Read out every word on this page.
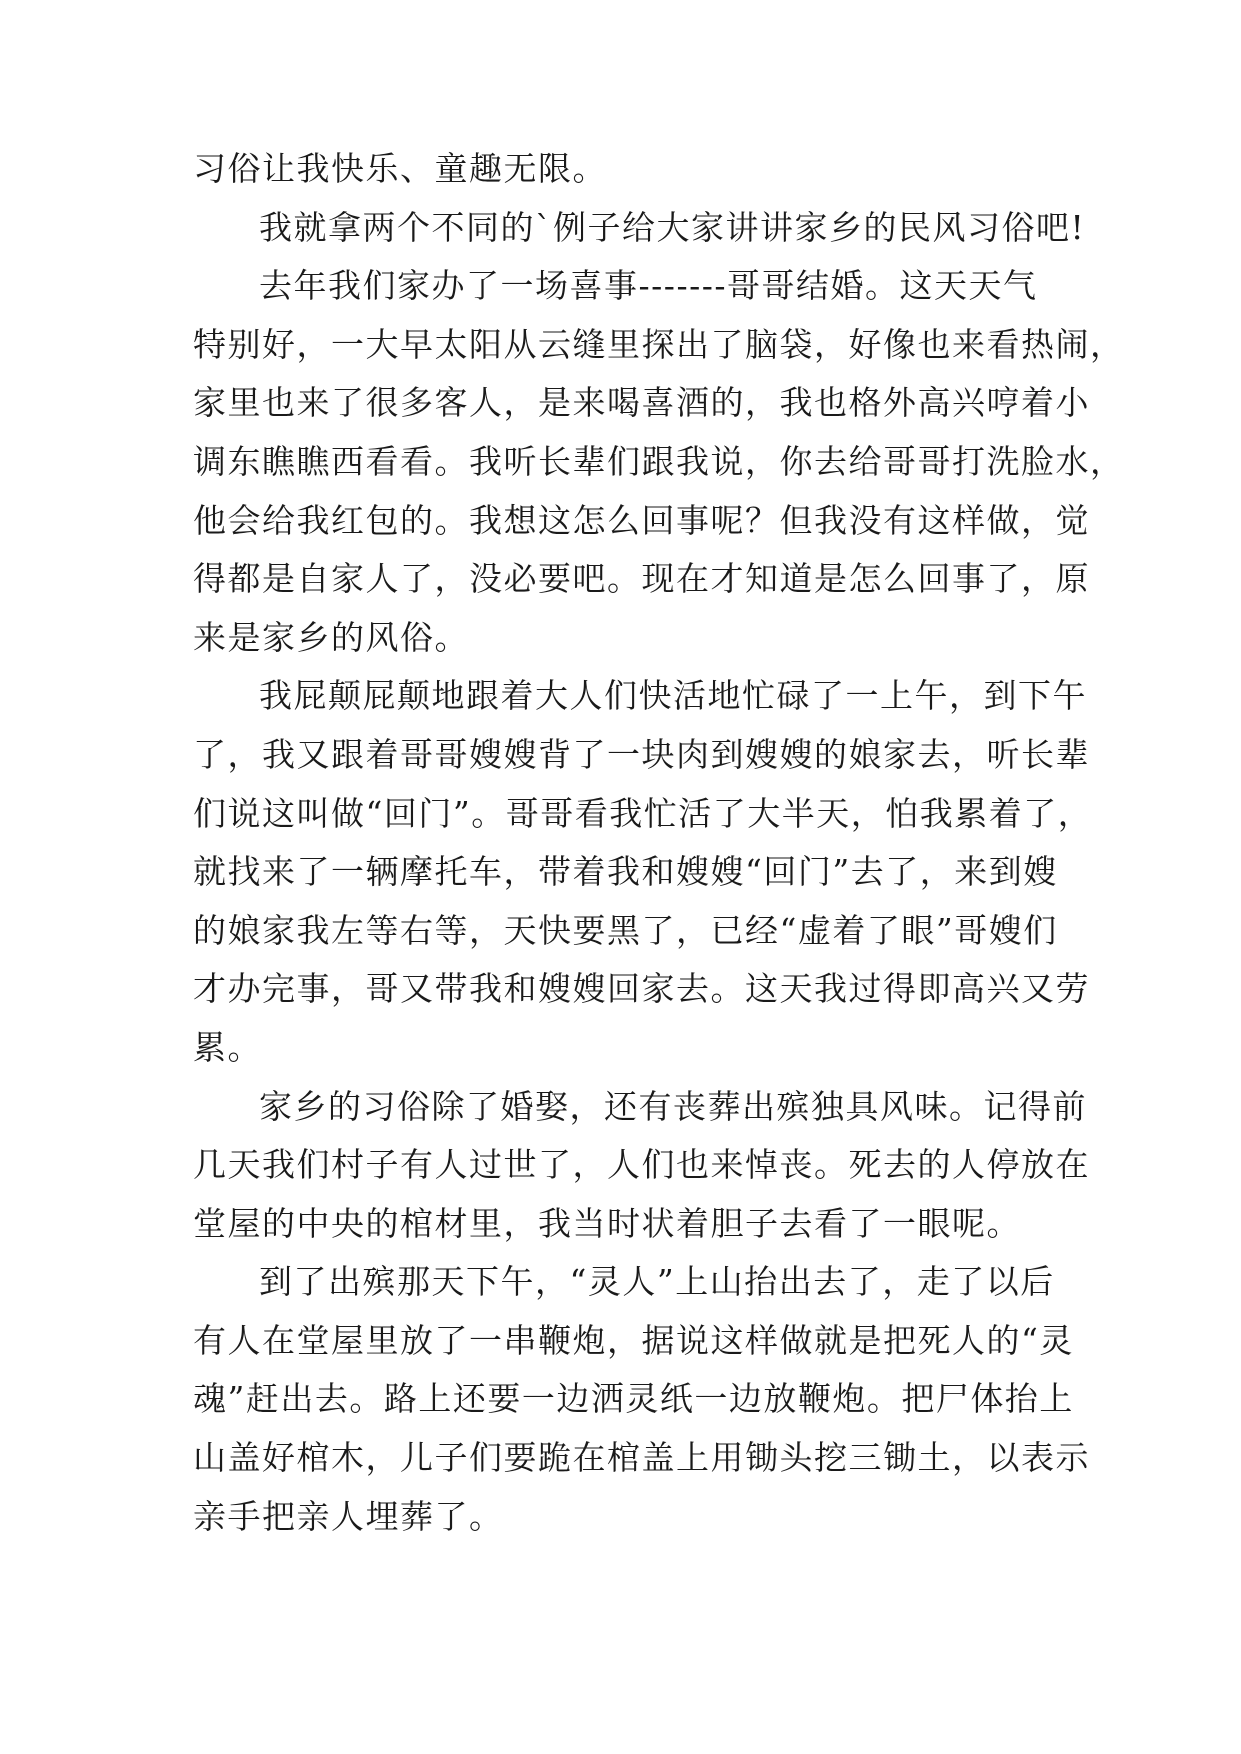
习俗让我快乐、童趣无限。

我就拿两个不同的`例子给大家讲讲家乡的民风习俗吧!

去年我们家办了一场喜事-------哥哥结婚。这天天气
特别好，一大早太阳从云缝里探出了脑袋，好像也来看热闹，
家里也来了很多客人，是来喝喜酒的，我也格外高兴哼着小
调东瞧瞧西看看。我听长辈们跟我说，你去给哥哥打洗脸水，
他会给我红包的。我想这怎么回事呢？但我没有这样做，觉
得都是自家人了，没必要吧。现在才知道是怎么回事了，原
来是家乡的风俗。

我屁颠屁颠地跟着大人们快活地忙碌了一上午，到下午
了，我又跟着哥哥嫂嫂背了一块肉到嫂嫂的娘家去，听长辈
们说这叫做“回门”。哥哥看我忙活了大半天，怕我累着了，
就找来了一辆摩托车，带着我和嫂嫂“回门”去了，来到嫂
的娘家我左等右等，天快要黑了，已经“虚着了眼”哥嫂们
才办完事，哥又带我和嫂嫂回家去。这天我过得即高兴又劳
累。

家乡的习俗除了婚娶，还有丧葬出殡独具风味。记得前
几天我们村子有人过世了，人们也来悼丧。死去的人停放在
堂屋的中央的棺材里，我当时状着胆子去看了一眼呢。

到了出殡那天下午，“灵人”上山抬出去了，走了以后
有人在堂屋里放了一串鞭炮，据说这样做就是把死人的“灵
魂”赶出去。路上还要一边洒灵纸一边放鞭炮。把尸体抬上
山盖好棺木，儿子们要跪在棺盖上用锄头挖三锄土，以表示
亲手把亲人埋葬了。
